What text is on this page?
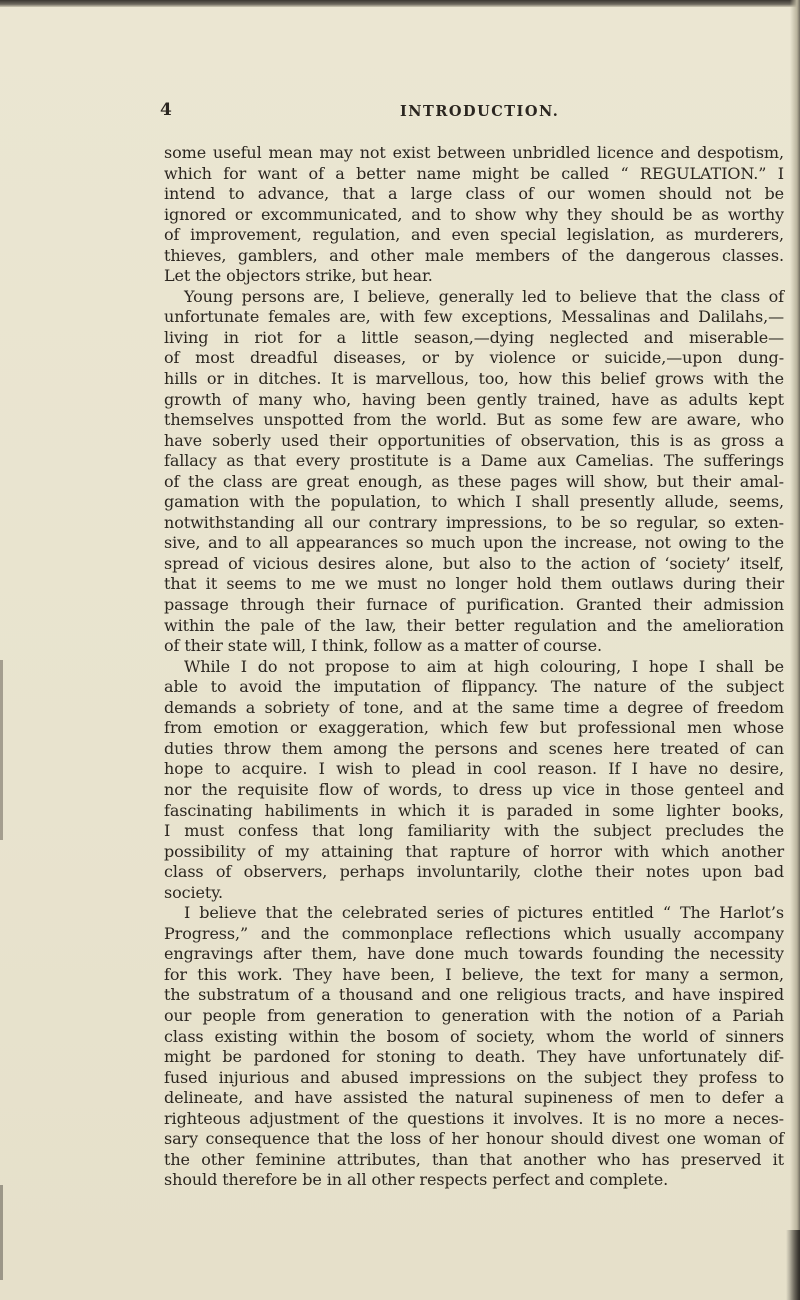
4	INTRODUCTION.
some useful mean may not exist between unbridled licence and despotism,
which for want of a better name might be called “ REGULATION.” I
intend to advance, that a large class of our women should not be
ignored or excommunicated, and to show why they should be as worthy
of improvement, regulation, and even special legislation, as murderers,
thieves, gamblers, and other male members of the dangerous classes.
Let the objectors strike, but hear.
Young persons are, I believe, generally led to believe that the class of
unfortunate females are, with few exceptions, Messalinas and Dalilahs,—
living in riot for a little season,—dying neglected and miserable—
of most dreadful diseases, or by violence or suicide,—upon dung-
hills or in ditches. It is marvellous, too, how this belief grows with the
growth of many who, having been gently trained, have as adults kept
themselves unspotted from the world. But as some few are aware, who
have soberly used their opportunities of observation, this is as gross a
fallacy as that every prostitute is a Dame aux Camelias. The sufferings
of the class are great enough, as these pages will show, but their amal-
gamation with the population, to which I shall presently allude, seems,
notwithstanding all our contrary impressions, to be so regular, so exten-
sive, and to all appearances so much upon the increase, not owing to the
spread of vicious desires alone, but also to the action of ‘society’ itself,
that it seems to me we must no longer hold them outlaws during their
passage through their furnace of purification. Granted their admission
within the pale of the law, their better regulation and the amelioration
of their state will, I think, follow as a matter of course.
While I do not propose to aim at high colouring, I hope I shall be
able to avoid the imputation of flippancy. The nature of the subject
demands a sobriety of tone, and at the same time a degree of freedom
from emotion or exaggeration, which few but professional men whose
duties throw them among the persons and scenes here treated of can
hope to acquire. I wish to plead in cool reason. If I have no desire,
nor the requisite flow of words, to dress up vice in those genteel and
fascinating habiliments in which it is paraded in some lighter books,
I must confess that long familiarity with the subject precludes the
possibility of my attaining that rapture of horror with which another
class of observers, perhaps involuntarily, clothe their notes upon bad
society.
I believe that the celebrated series of pictures entitled “ The Harlot’s
Progress,” and the commonplace reflections which usually accompany
engravings after them, have done much towards founding the necessity
for this work. They have been, I believe, the text for many a sermon,
the substratum of a thousand and one religious tracts, and have inspired
our people from generation to generation with the notion of a Pariah
class existing within the bosom of society, whom the world of sinners
might be pardoned for stoning to death. They have unfortunately dif-
fused injurious and abused impressions on the subject they profess to
delineate, and have assisted the natural supineness of men to defer a
righteous adjustment of the questions it involves. It is no more a neces-
sary consequence that the loss of her honour should divest one woman of
the other feminine attributes, than that another who has preserved it
should therefore be in all other respects perfect and complete.
